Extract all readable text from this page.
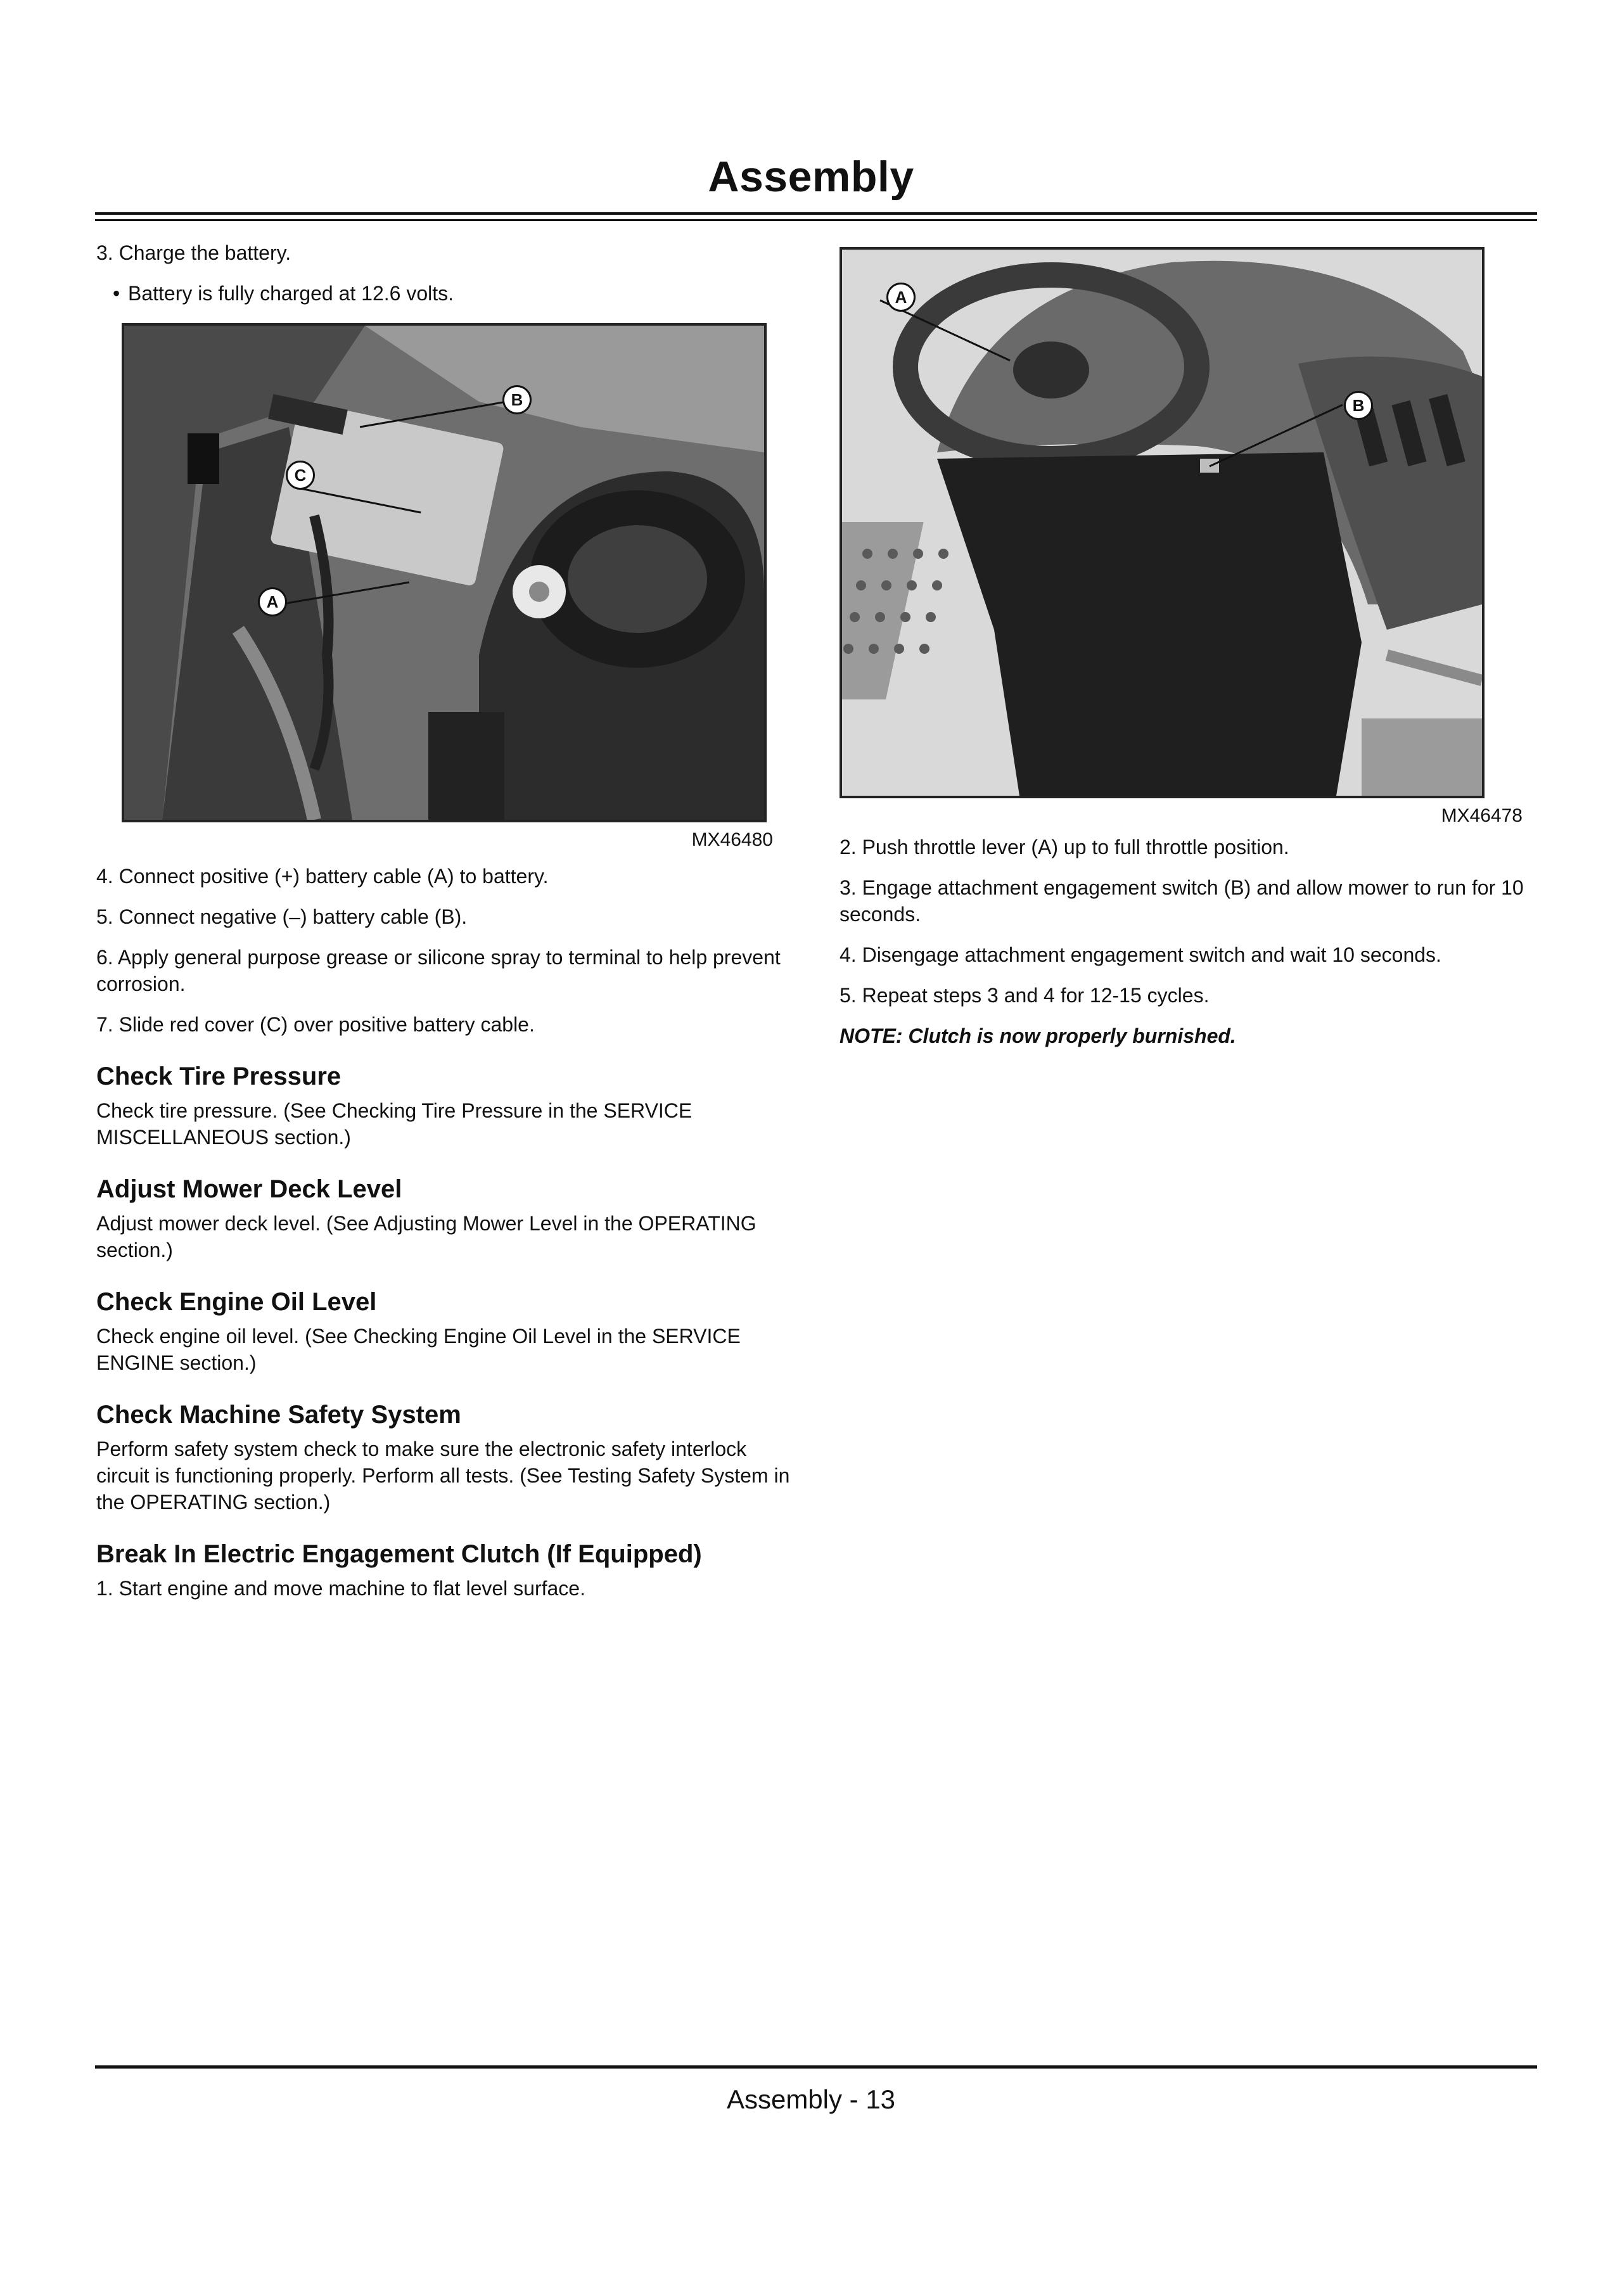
Assembly

3. Charge the battery.

• Battery is fully charged at 12.6 volts.
B
C
A
MX46480

4. Connect positive (+) battery cable (A) to battery.

5. Connect negative (–) battery cable (B).

6. Apply general purpose grease or silicone spray to terminal to help prevent corrosion.

7. Slide red cover (C) over positive battery cable.

Check Tire Pressure

Check tire pressure. (See Checking Tire Pressure in the SERVICE MISCELLANEOUS section.)

Adjust Mower Deck Level

Adjust mower deck level. (See Adjusting Mower Level in the OPERATING section.)

Check Engine Oil Level

Check engine oil level. (See Checking Engine Oil Level in the SERVICE ENGINE section.)

Check Machine Safety System

Perform safety system check to make sure the electronic safety interlock circuit is functioning properly. Perform all tests. (See Testing Safety System in the OPERATING section.)

Break In Electric Engagement Clutch (If Equipped)

1. Start engine and move machine to flat level surface.

A
B
MX46478

2. Push throttle lever (A) up to full throttle position.

3. Engage attachment engagement switch (B) and allow mower to run for 10 seconds.

4. Disengage attachment engagement switch and wait 10 seconds.

5. Repeat steps 3 and 4 for 12-15 cycles.

NOTE: Clutch is now properly burnished.

Assembly - 13
